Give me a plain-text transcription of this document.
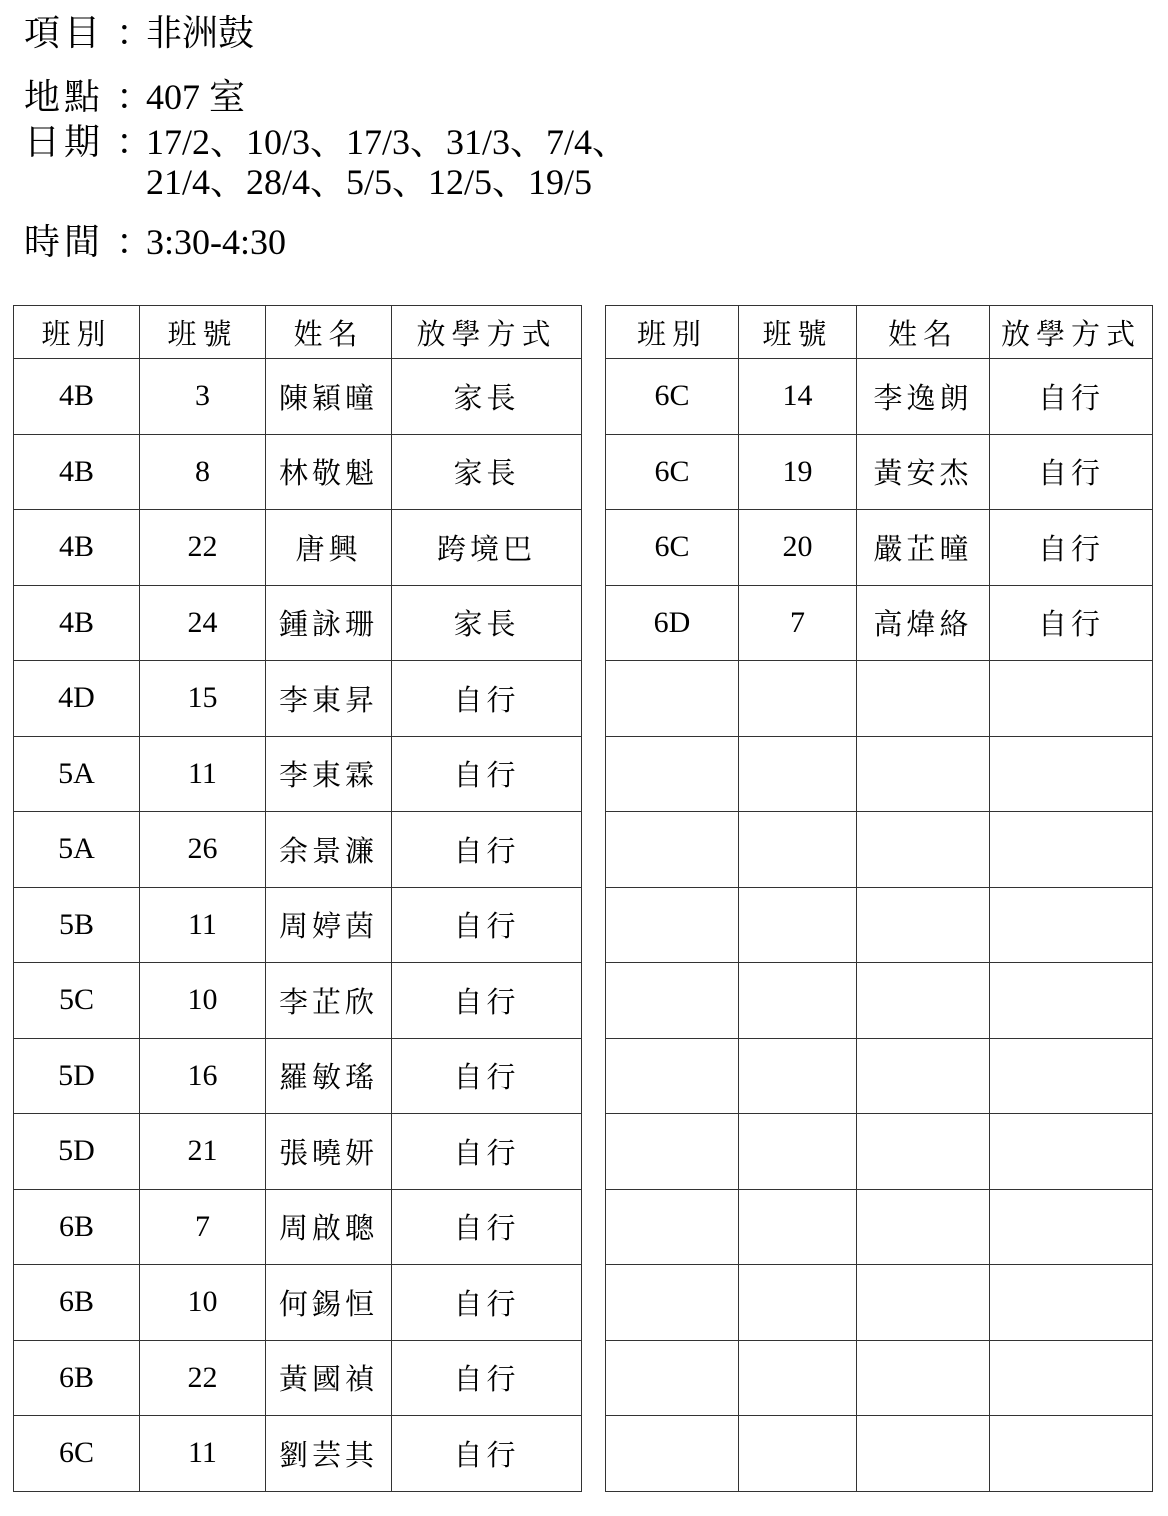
項目 ：非洲鼓
地點 ：407 室
日期 ：17/2、10/3、17/3、31/3、7/4、
21/4、28/4、5/5、12/5、19/5
時間 ：3:30-4:30
班別	班號	姓名	放學方式
4B	3	陳穎曈	家長
4B	8	林敬魁	家長
4B	22	唐興	跨境巴
4B	24	鍾詠珊	家長
4D	15	李東昇	自行
5A	11	李東霖	自行
5A	26	余景濂	自行
5B	11	周婷茵	自行
5C	10	李芷欣	自行
5D	16	羅敏瑤	自行
5D	21	張曉妍	自行
6B	7	周啟聰	自行
6B	10	何錫恒	自行
6B	22	黃國禎	自行
6C	11	劉芸其	自行
班別	班號	姓名	放學方式
6C	14	李逸朗	自行
6C	19	黃安杰	自行
6C	20	嚴芷曈	自行
6D	7	高煒絡	自行
